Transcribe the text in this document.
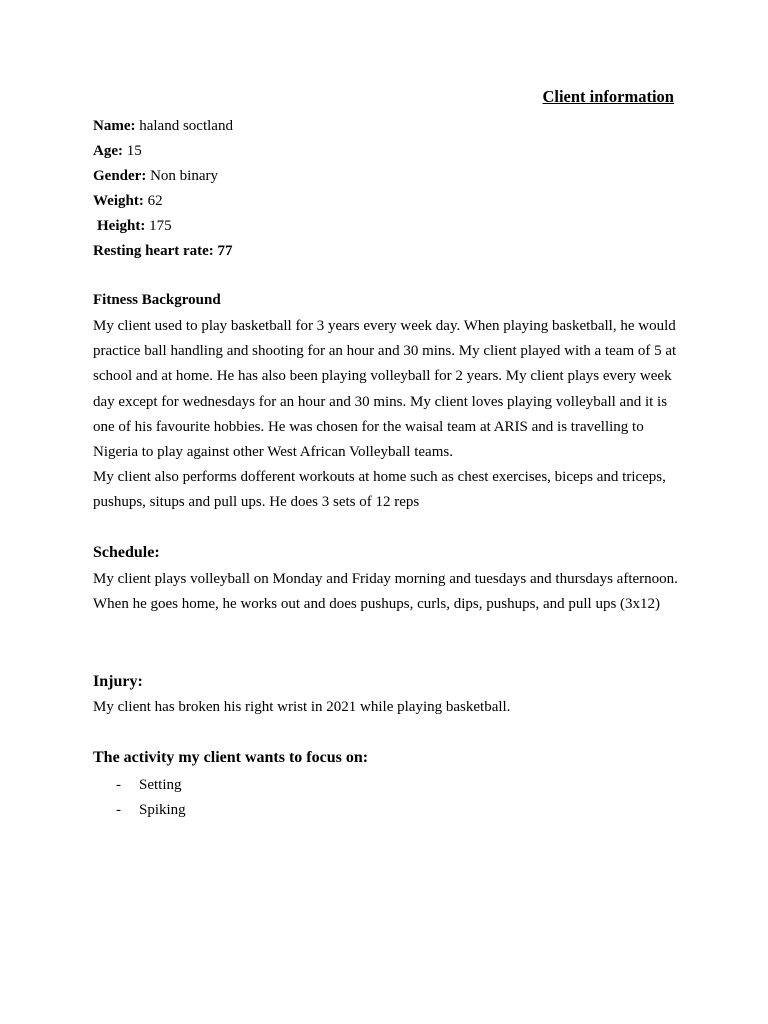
Client information
Name: haland soctland
Age: 15
Gender: Non binary
Weight: 62
Height: 175
Resting heart rate: 77
Fitness Background

My client used to play basketball for 3 years every week day. When playing basketball, he would practice ball handling and shooting for an hour and 30 mins. My client played with a team of 5 at school and at home. He has also been playing volleyball for 2 years. My client plays every week day except for wednesdays for an hour and 30 mins. My client loves playing volleyball and it is one of his favourite hobbies. He was chosen for the waisal team at ARIS and is travelling to Nigeria to play against other West African Volleyball teams.

My client also performs dofferent workouts at home such as chest exercises, biceps and triceps, pushups, situps and pull ups. He does 3 sets of 12 reps

Schedule:

My client plays volleyball on Monday and Friday morning and tuesdays and thursdays afternoon. When he goes home, he works out and does pushups, curls, dips, pushups, and pull ups (3x12)

Injury:

My client has broken his right wrist in 2021 while playing basketball.

The activity my client wants to focus on:
- Setting
- Spiking
